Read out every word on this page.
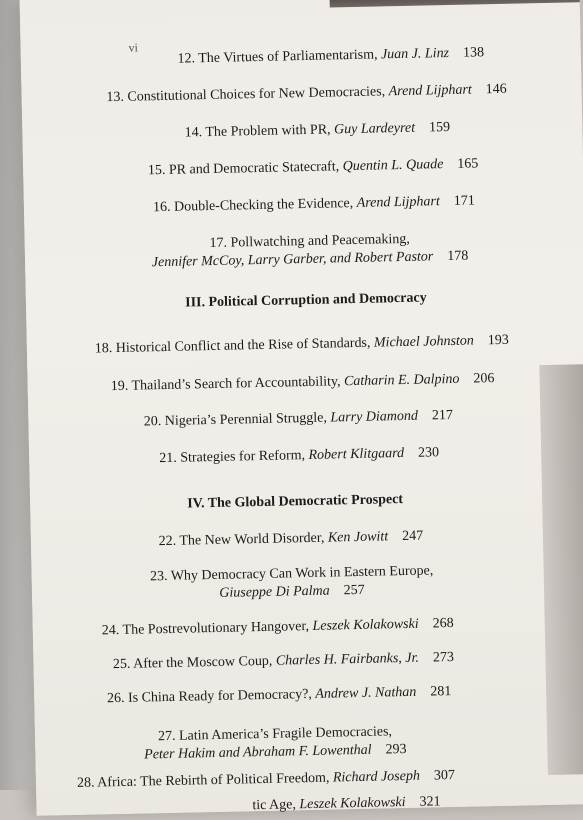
vi	12. The Virtues of Parliamentarism, Juan J. Linz 138
13. Constitutional Choices for New Democracies, Arend Lijphart 146
14. The Problem with PR, Guy Lardeyret 159
15. PR and Democratic Statecraft, Quentin L. Quade 165
16. Double-Checking the Evidence, Arend Lijphart 171
17. Pollwatching and Peacemaking,
Jennifer McCoy, Larry Garber, and Robert Pastor 178
III. Political Corruption and Democracy
18. Historical Conflict and the Rise of Standards, Michael Johnston 193
19. Thailand’s Search for Accountability, Catharin E. Dalpino 206
20. Nigeria’s Perennial Struggle, Larry Diamond 217
21. Strategies for Reform, Robert Klitgaard 230
IV. The Global Democratic Prospect
22. The New World Disorder, Ken Jowitt 247
23. Why Democracy Can Work in Eastern Europe,
Giuseppe Di Palma 257
24. The Postrevolutionary Hangover, Leszek Kolakowski 268
25. After the Moscow Coup, Charles H. Fairbanks, Jr. 273
26. Is China Ready for Democracy?, Andrew J. Nathan 281
27. Latin America’s Fragile Democracies,
Peter Hakim and Abraham F. Lowenthal 293
28. Africa: The Rebirth of Political Freedom, Richard Joseph 307
tic Age, Leszek Kolakowski 321
